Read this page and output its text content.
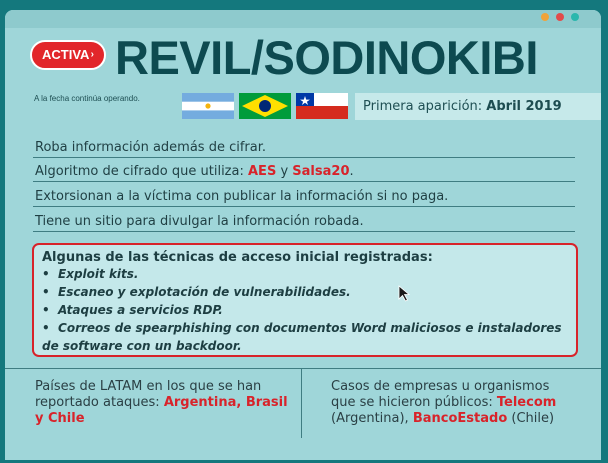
ACTIVA › REVIL/SODINOKIBI
A la fecha continúa operando.
Primera aparición: Abril 2019
Roba información además de cifrar.
Algoritmo de cifrado que utiliza: AES y Salsa20.
Extorsionan a la víctima con publicar la información si no paga.
Tiene un sitio para divulgar la información robada.
Algunas de las técnicas de acceso inicial registradas:
•  Exploit kits.
•  Escaneo y explotación de vulnerabilidades.
•  Ataques a servicios RDP.
•  Correos de spearphishing con documentos Word maliciosos e instaladores de software con un backdoor.
Países de LATAM en los que se han reportado ataques: Argentina, Brasil y Chile
Casos de empresas u organismos que se hicieron públicos: Telecom (Argentina), BancoEstado (Chile)
